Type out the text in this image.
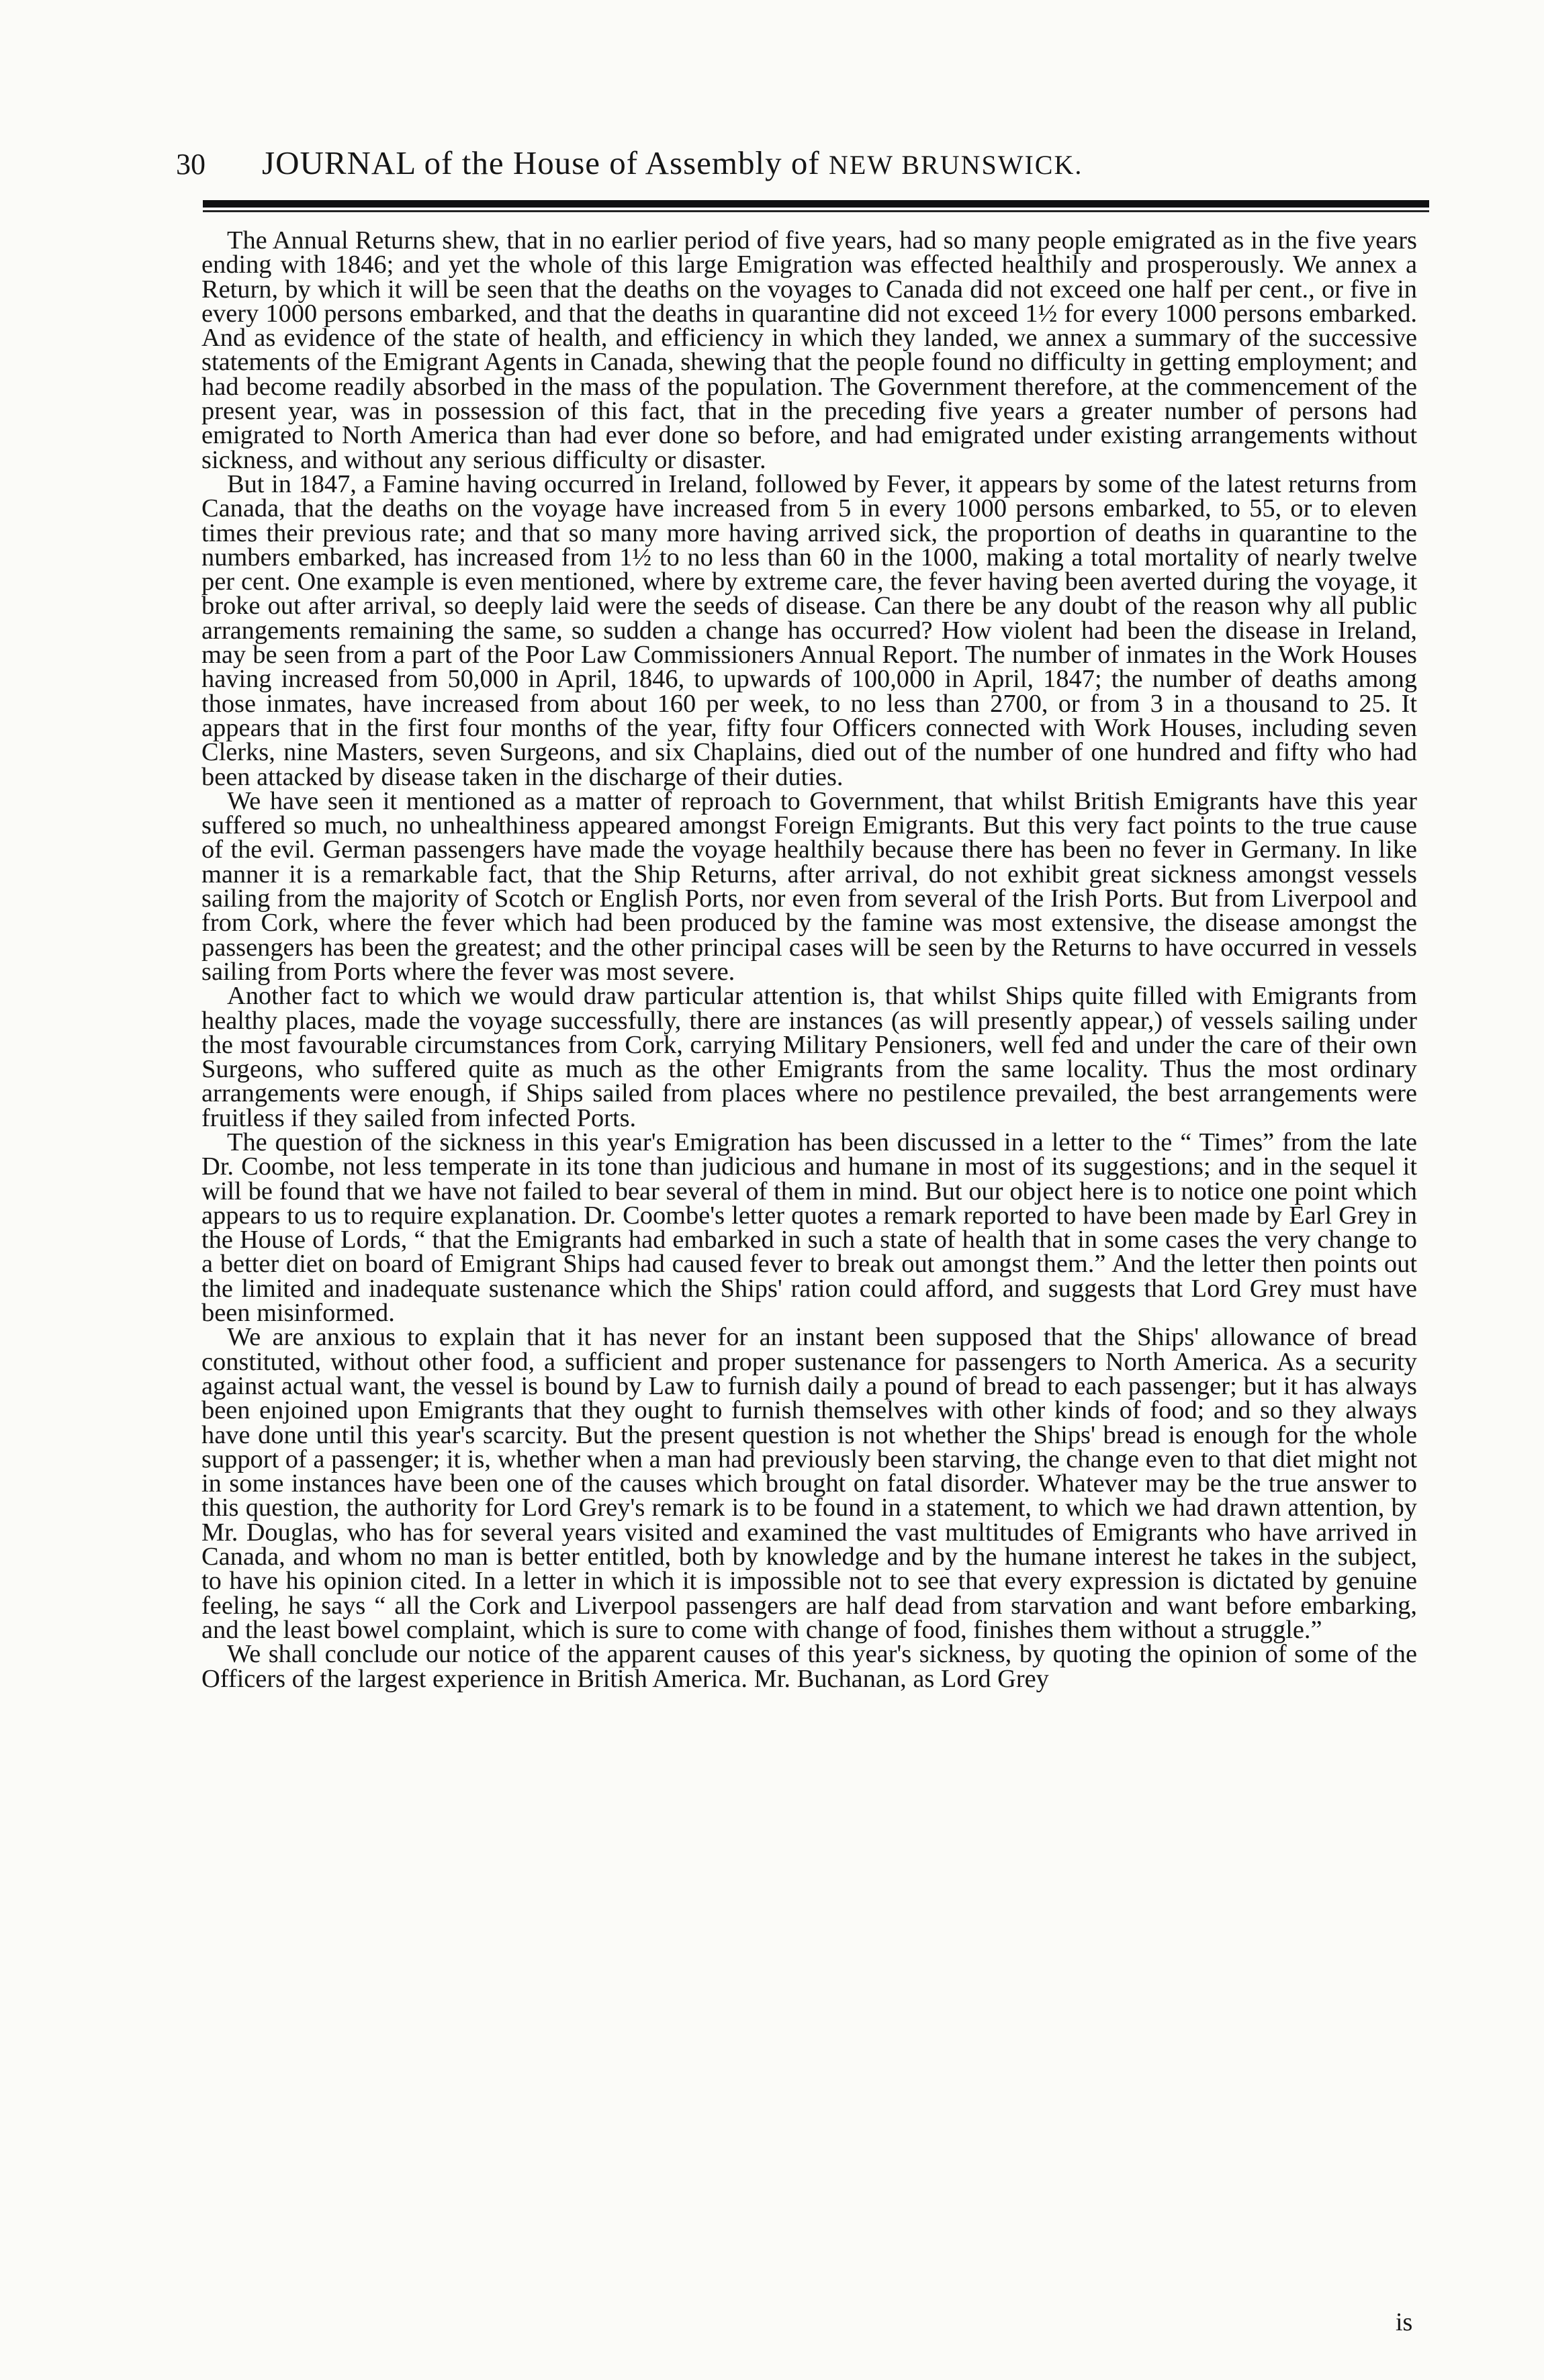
30	JOURNAL of the House of Assembly of NEW BRUNSWICK.

The Annual Returns shew, that in no earlier period of five years, had so many people emigrated as in the five years ending with 1846; and yet the whole of this large Emigration was effected healthily and prosperously. We annex a Return, by which it will be seen that the deaths on the voyages to Canada did not exceed one half per cent., or five in every 1000 persons embarked, and that the deaths in quarantine did not exceed 1½ for every 1000 persons embarked. And as evidence of the state of health, and efficiency in which they landed, we annex a summary of the successive statements of the Emigrant Agents in Canada, shewing that the people found no difficulty in getting employment; and had become readily absorbed in the mass of the population. The Government therefore, at the commencement of the present year, was in possession of this fact, that in the preceding five years a greater number of persons had emigrated to North America than had ever done so before, and had emigrated under existing arrangements without sickness, and without any serious difficulty or disaster.

But in 1847, a Famine having occurred in Ireland, followed by Fever, it appears by some of the latest returns from Canada, that the deaths on the voyage have increased from 5 in every 1000 persons embarked, to 55, or to eleven times their previous rate; and that so many more having arrived sick, the proportion of deaths in quarantine to the numbers embarked, has increased from 1½ to no less than 60 in the 1000, making a total mortality of nearly twelve per cent. One example is even mentioned, where by extreme care, the fever having been averted during the voyage, it broke out after arrival, so deeply laid were the seeds of disease. Can there be any doubt of the reason why all public arrangements remaining the same, so sudden a change has occurred? How violent had been the disease in Ireland, may be seen from a part of the Poor Law Commissioners Annual Report. The number of inmates in the Work Houses having increased from 50,000 in April, 1846, to upwards of 100,000 in April, 1847; the number of deaths among those inmates, have increased from about 160 per week, to no less than 2700, or from 3 in a thousand to 25. It appears that in the first four months of the year, fifty four Officers connected with Work Houses, including seven Clerks, nine Masters, seven Surgeons, and six Chaplains, died out of the number of one hundred and fifty who had been attacked by disease taken in the discharge of their duties.

We have seen it mentioned as a matter of reproach to Government, that whilst British Emigrants have this year suffered so much, no unhealthiness appeared amongst Foreign Emigrants. But this very fact points to the true cause of the evil. German passengers have made the voyage healthily because there has been no fever in Germany. In like manner it is a remarkable fact, that the Ship Returns, after arrival, do not exhibit great sickness amongst vessels sailing from the majority of Scotch or English Ports, nor even from several of the Irish Ports. But from Liverpool and from Cork, where the fever which had been produced by the famine was most extensive, the disease amongst the passengers has been the greatest; and the other principal cases will be seen by the Returns to have occurred in vessels sailing from Ports where the fever was most severe.

Another fact to which we would draw particular attention is, that whilst Ships quite filled with Emigrants from healthy places, made the voyage successfully, there are instances (as will presently appear,) of vessels sailing under the most favourable circumstances from Cork, carrying Military Pensioners, well fed and under the care of their own Surgeons, who suffered quite as much as the other Emigrants from the same locality. Thus the most ordinary arrangements were enough, if Ships sailed from places where no pestilence prevailed, the best arrangements were fruitless if they sailed from infected Ports.

The question of the sickness in this year's Emigration has been discussed in a letter to the “ Times” from the late Dr. Coombe, not less temperate in its tone than judicious and humane in most of its suggestions; and in the sequel it will be found that we have not failed to bear several of them in mind. But our object here is to notice one point which appears to us to require explanation. Dr. Coombe's letter quotes a remark reported to have been made by Earl Grey in the House of Lords, “ that the Emigrants had embarked in such a state of health that in some cases the very change to a better diet on board of Emigrant Ships had caused fever to break out amongst them.” And the letter then points out the limited and inadequate sustenance which the Ships' ration could afford, and suggests that Lord Grey must have been misinformed.

We are anxious to explain that it has never for an instant been supposed that the Ships' allowance of bread constituted, without other food, a sufficient and proper sustenance for passengers to North America. As a security against actual want, the vessel is bound by Law to furnish daily a pound of bread to each passenger; but it has always been enjoined upon Emigrants that they ought to furnish themselves with other kinds of food; and so they always have done until this year's scarcity. But the present question is not whether the Ships' bread is enough for the whole support of a passenger; it is, whether when a man had previously been starving, the change even to that diet might not in some instances have been one of the causes which brought on fatal disorder. Whatever may be the true answer to this question, the authority for Lord Grey's remark is to be found in a statement, to which we had drawn attention, by Mr. Douglas, who has for several years visited and examined the vast multitudes of Emigrants who have arrived in Canada, and whom no man is better entitled, both by knowledge and by the humane interest he takes in the subject, to have his opinion cited. In a letter in which it is impossible not to see that every expression is dictated by genuine feeling, he says “ all the Cork and Liverpool passengers are half dead from starvation and want before embarking, and the least bowel complaint, which is sure to come with change of food, finishes them without a struggle.”

We shall conclude our notice of the apparent causes of this year's sickness, by quoting the opinion of some of the Officers of the largest experience in British America. Mr. Buchanan, as Lord Grey

is
